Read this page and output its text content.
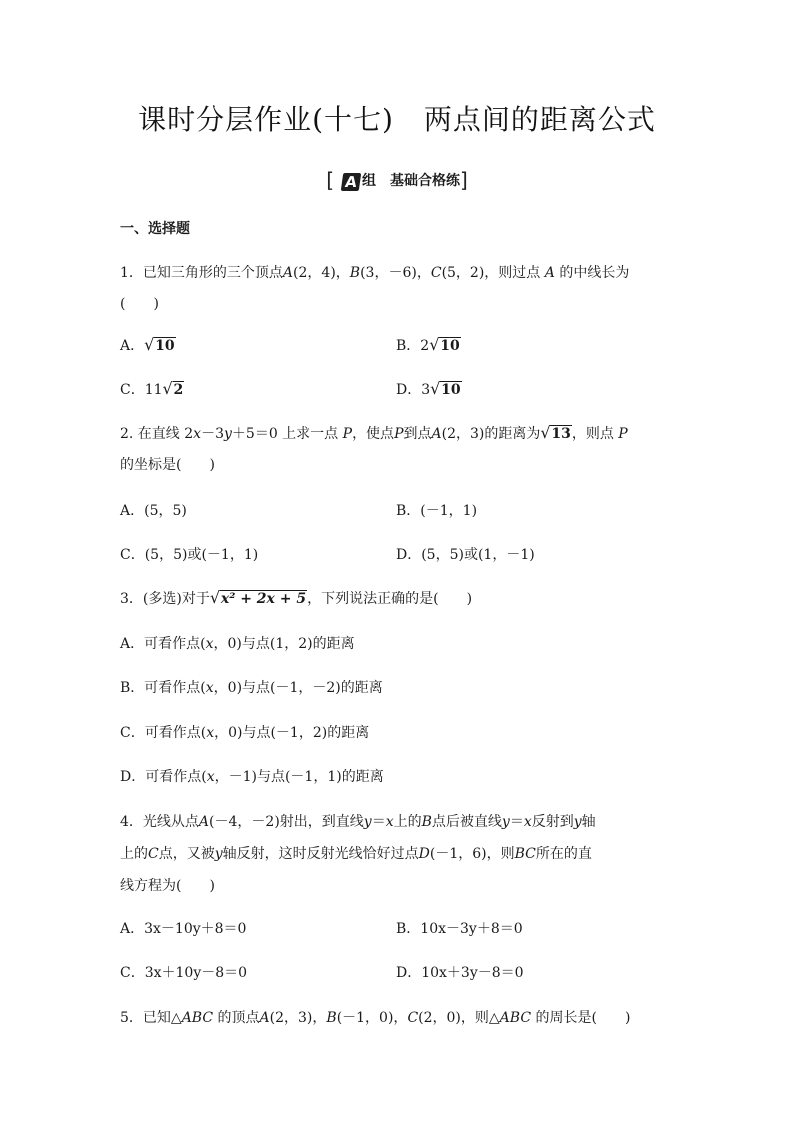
课时分层作业(十七) 两点间的距离公式
[ A 组 基础合格练]
一、选择题
1．已知三角形的三个顶点A(2，4)，B(3，－6)，C(5，2)，则过点 A 的中线长为
(　　)
A． √ 10	B．2 √ 10
C．11 √ 2	D．3 √ 10
2. 在直线 2x－3y＋5＝0 上求一点 P，使点P到点A(2，3)的距离为 √ 13，则点 P
的坐标是(　　)
A．(5，5)	B．(－1，1)
C．(5，5)或(－1，1)	D．(5，5)或(1，－1)
3．(多选)对于 √ x² + 2x + 5，下列说法正确的是(　　)
A．可看作点(x，0)与点(1，2)的距离
B．可看作点(x，0)与点(－1，－2)的距离
C．可看作点(x，0)与点(－1，2)的距离
D．可看作点(x，－1)与点(－1，1)的距离
4．光线从点A(－4，－2)射出，到直线y＝x上的B点后被直线y＝x反射到y轴
上的C点，又被y轴反射，这时反射光线恰好过点D(－1，6)，则BC所在的直
线方程为(　　)
A．3x－10y＋8＝0	B．10x－3y＋8＝0
C．3x＋10y－8＝0	D．10x＋3y－8＝0
5．已知△ABC 的顶点A(2，3)，B(－1，0)，C(2，0)，则△ABC 的周长是(　　)
